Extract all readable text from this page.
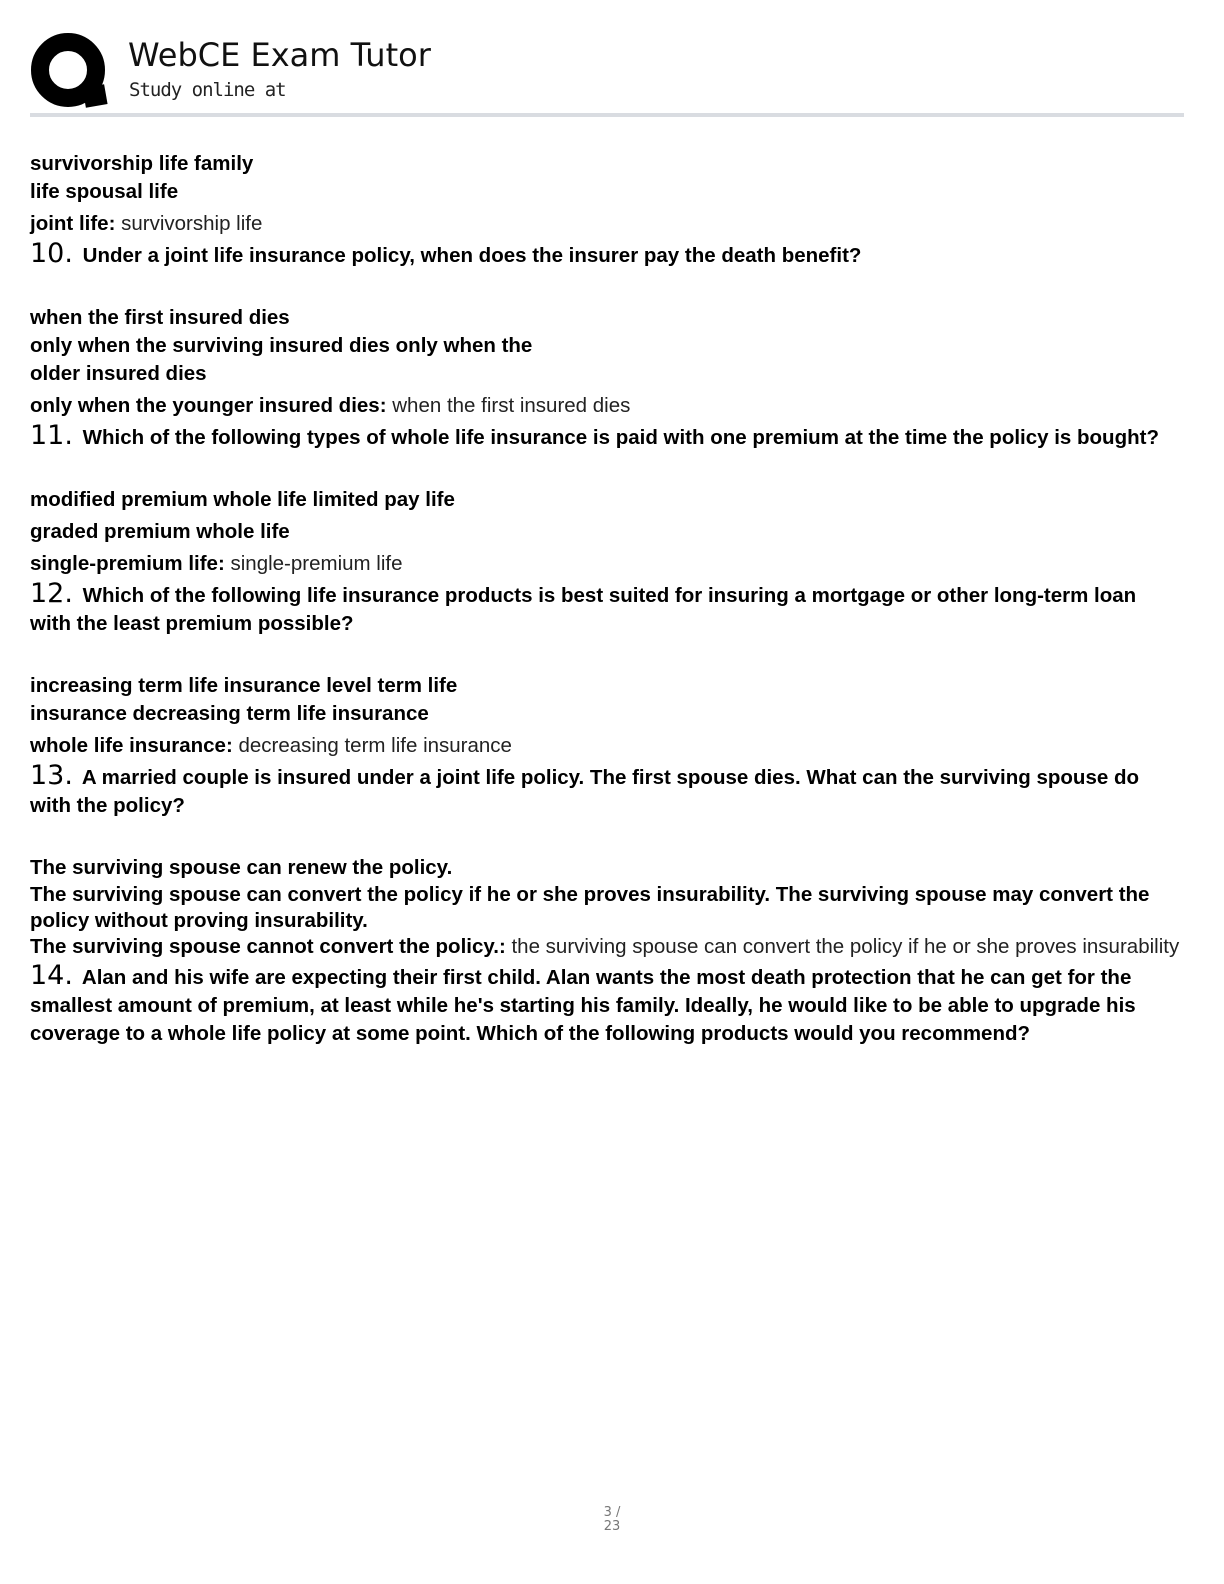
WebCE Exam Tutor
Study online at
survivorship life family
life spousal life
joint life: survivorship life
10. Under a joint life insurance policy, when does the insurer pay the death benefit?
when the first insured dies
only when the surviving insured dies only when the
older insured dies
only when the younger insured dies: when the first insured dies
11. Which of the following types of whole life insurance is paid with one premium at the time the policy is bought?
modified premium whole life limited pay life
graded premium whole life
single-premium life: single-premium life
12. Which of the following life insurance products is best suited for insuring a mortgage or other long-term loan with the least premium possible?
increasing term life insurance level term life
insurance decreasing term life insurance
whole life insurance: decreasing term life insurance
13. A married couple is insured under a joint life policy. The first spouse dies. What can the surviving spouse do with the policy?
The surviving spouse can renew the policy.
The surviving spouse can convert the policy if he or she proves insurability. The surviving spouse may convert the policy without proving insurability.
The surviving spouse cannot convert the policy.: the surviving spouse can convert the policy if he or she proves insurability
14. Alan and his wife are expecting their first child. Alan wants the most death protection that he can get for the smallest amount of premium, at least while he's starting his family. Ideally, he would like to be able to upgrade his coverage to a whole life policy at some point. Which of the following products would you recommend?
3 /
23
